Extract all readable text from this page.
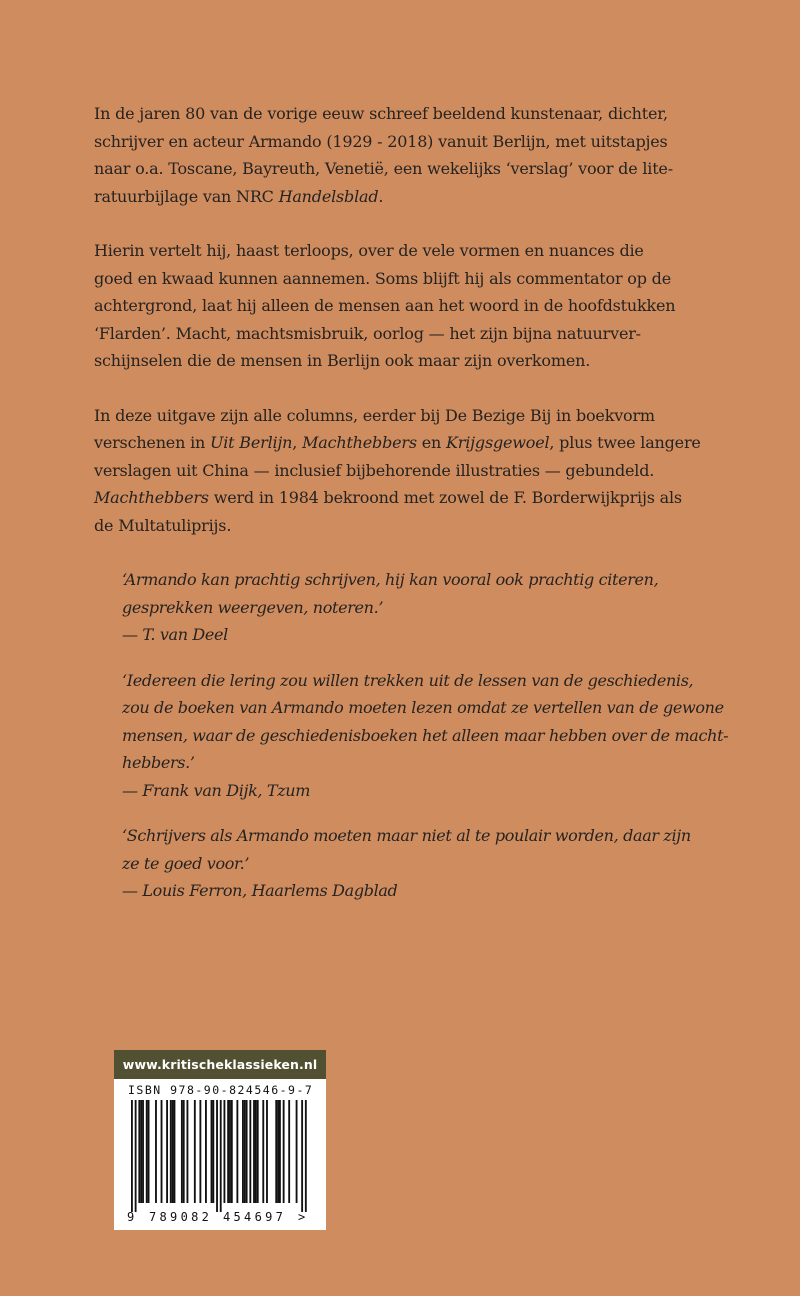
In de jaren 80 van de vorige eeuw schreef beeldend kunstenaar, dichter,
schrijver en acteur Armando (1929 - 2018) vanuit Berlijn, met uitstapjes
naar o.a. Toscane, Bayreuth, Venetië, een wekelijks ‘verslag’ voor de lite-
ratuurbijlage van NRC Handelsblad.

Hierin vertelt hij, haast terloops, over de vele vormen en nuances die
goed en kwaad kunnen aannemen. Soms blijft hij als commentator op de
achtergrond, laat hij alleen de mensen aan het woord in de hoofdstukken
‘Flarden’. Macht, machtsmisbruik, oorlog — het zijn bijna natuurver-
schijnselen die de mensen in Berlijn ook maar zijn overkomen.

In deze uitgave zijn alle columns, eerder bij De Bezige Bij in boekvorm
verschenen in Uit Berlijn, Machthebbers en Krijgsgewoel, plus twee langere
verslagen uit China — inclusief bijbehorende illustraties — gebundeld.
Machthebbers werd in 1984 bekroond met zowel de F. Borderwijkprijs als
de Multatuliprijs.

‘Armando kan prachtig schrijven, hij kan vooral ook prachtig citeren,
gesprekken weergeven, noteren.’
— T. van Deel
‘Iedereen die lering zou willen trekken uit de lessen van de geschiedenis,
zou de boeken van Armando moeten lezen omdat ze vertellen van de gewone
mensen, waar de geschiedenisboeken het alleen maar hebben over de macht-
hebbers.’
— Frank van Dijk, Tzum
‘Schrijvers als Armando moeten maar niet al te poulair worden, daar zijn
ze te goed voor.’
— Louis Ferron, Haarlems Dagblad
www.kritischeklassieken.nl
ISBN 978-90-824546-9-7
9 789082 454697 >
